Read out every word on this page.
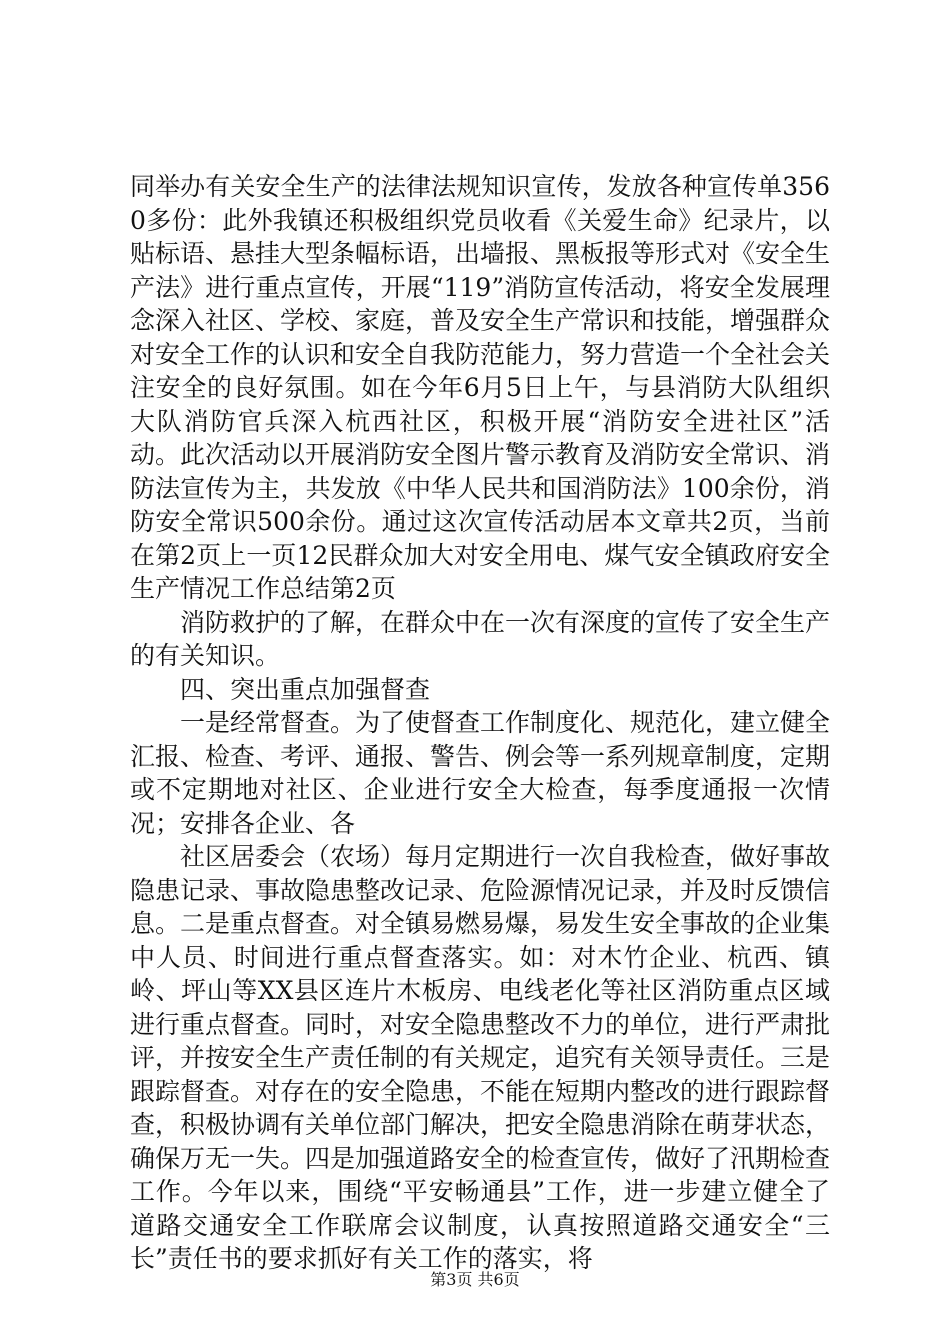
同举办有关安全生产的法律法规知识宣传，发放各种宣传单3560多份：此外我镇还积极组织党员收看《关爱生命》纪录片，以贴标语、悬挂大型条幅标语，出墙报、黑板报等形式对《安全生产法》进行重点宣传，开展“119”消防宣传活动，将安全发展理念深入社区、学校、家庭，普及安全生产常识和技能，增强群众对安全工作的认识和安全自我防范能力，努力营造一个全社会关注安全的良好氛围。如在今年6月5日上午，与县消防大队组织大队消防官兵深入杭西社区，积极开展“消防安全进社区”活动。此次活动以开展消防安全图片警示教育及消防安全常识、消防法宣传为主，共发放《中华人民共和国消防法》100余份，消防安全常识500余份。通过这次宣传活动居本文章共2页，当前在第2页上一页12民群众加大对安全用电、煤气安全镇政府安全生产情况工作总结第2页

消防救护的了解，在群众中在一次有深度的宣传了安全生产的有关知识。

四、突出重点加强督查

一是经常督查。为了使督查工作制度化、规范化，建立健全汇报、检查、考评、通报、警告、例会等一系列规章制度，定期或不定期地对社区、企业进行安全大检查，每季度通报一次情况；安排各企业、各

社区居委会（农场）每月定期进行一次自我检查，做好事故隐患记录、事故隐患整改记录、危险源情况记录，并及时反馈信息。二是重点督查。对全镇易燃易爆，易发生安全事故的企业集中人员、时间进行重点督查落实。如：对木竹企业、杭西、镇岭、坪山等XX县区连片木板房、电线老化等社区消防重点区域进行重点督查。同时，对安全隐患整改不力的单位，进行严肃批评，并按安全生产责任制的有关规定，追究有关领导责任。三是跟踪督查。对存在的安全隐患，不能在短期内整改的进行跟踪督查，积极协调有关单位部门解决，把安全隐患消除在萌芽状态，确保万无一失。四是加强道路安全的检查宣传，做好了汛期检查工作。今年以来，围绕“平安畅通县”工作，进一步建立健全了道路交通安全工作联席会议制度，认真按照道路交通安全“三长”责任书的要求抓好有关工作的落实，将

第3页 共6页
